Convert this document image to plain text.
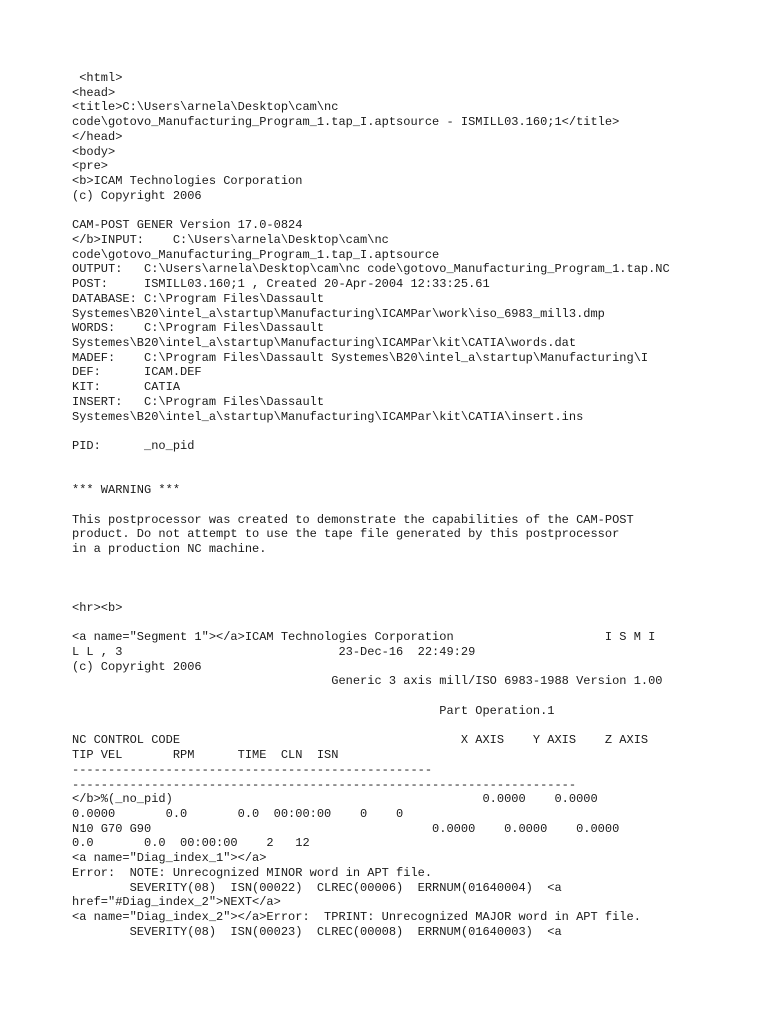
<html>
<head>
<title>C:\Users\arnela\Desktop\cam\nc
code\gotovo_Manufacturing_Program_1.tap_I.aptsource - ISMILL03.160;1</title>
</head>
<body>
<pre>
<b>ICAM Technologies Corporation
(c) Copyright 2006
CAM-POST GENER Version 17.0-0824
</b>INPUT:    C:\Users\arnela\Desktop\cam\nc
code\gotovo_Manufacturing_Program_1.tap_I.aptsource
OUTPUT:   C:\Users\arnela\Desktop\cam\nc code\gotovo_Manufacturing_Program_1.tap.NC
POST:     ISMILL03.160;1 , Created 20-Apr-2004 12:33:25.61
DATABASE: C:\Program Files\Dassault
Systemes\B20\intel_a\startup\Manufacturing\ICAMPar\work\iso_6983_mill3.dmp
WORDS:    C:\Program Files\Dassault
Systemes\B20\intel_a\startup\Manufacturing\ICAMPar\kit\CATIA\words.dat
MADEF:    C:\Program Files\Dassault Systemes\B20\intel_a\startup\Manufacturing\I
DEF:      ICAM.DEF
KIT:      CATIA
INSERT:   C:\Program Files\Dassault
Systemes\B20\intel_a\startup\Manufacturing\ICAMPar\kit\CATIA\insert.ins
PID:      _no_pid
*** WARNING ***
This postprocessor was created to demonstrate the capabilities of the CAM-POST
product. Do not attempt to use the tape file generated by this postprocessor
in a production NC machine.
<hr><b>
<a name="Segment 1"></a>ICAM Technologies Corporation                     I S M I
L L , 3                              23-Dec-16  22:49:29
(c) Copyright 2006
Generic 3 axis mill/ISO 6983-1988 Version 1.00
Part Operation.1
NC CONTROL CODE                                       X AXIS    Y AXIS    Z AXIS
TIP VEL       RPM      TIME  CLN  ISN
--------------------------------------------------
----------------------------------------------------------------------
</b>%(_no_pid)                                           0.0000    0.0000
0.0000       0.0       0.0  00:00:00    0    0
N10 G70 G90                                       0.0000    0.0000    0.0000
0.0       0.0  00:00:00    2   12
<a name="Diag_index_1"></a>
Error:  NOTE: Unrecognized MINOR word in APT file.
SEVERITY(08)  ISN(00022)  CLREC(00006)  ERRNUM(01640004)  <a
href="#Diag_index_2">NEXT</a>
<a name="Diag_index_2"></a>Error:  TPRINT: Unrecognized MAJOR word in APT file.
SEVERITY(08)  ISN(00023)  CLREC(00008)  ERRNUM(01640003)  <a
